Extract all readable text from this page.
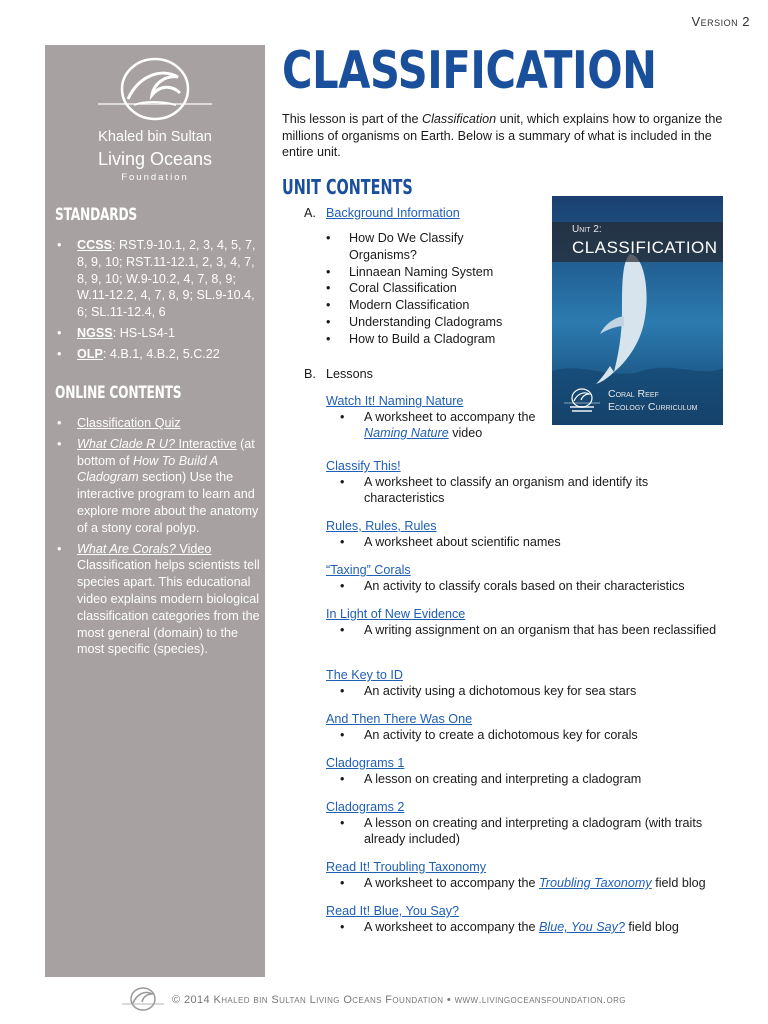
Version 2
Khaled bin Sultan
Living Oceans
Foundation
STANDARDS
• CCSS: RST.9-10.1, 2, 3, 4, 5, 7, 8, 9, 10; RST.11-12.1, 2, 3, 4, 7, 8, 9, 10; W.9-10.2, 4, 7, 8, 9; W.11-12.2, 4, 7, 8, 9; SL.9-10.4, 6; SL.11-12.4, 6
• NGSS: HS-LS4-1
• OLP: 4.B.1, 4.B.2, 5.C.22
ONLINE CONTENTS
• Classification Quiz
• What Clade R U? Interactive (at bottom of How To Build A Cladogram section) Use the interactive program to learn and explore more about the anatomy of a stony coral polyp.
• What Are Corals? Video Classification helps scientists tell species apart. This educational video explains modern biological classification categories from the most general (domain) to the most specific (species).
CLASSIFICATION
This lesson is part of the Classification unit, which explains how to organize the millions of organisms on Earth. Below is a summary of what is included in the entire unit.
UNIT CONTENTS
A. Background Information
• How Do We Classify Organisms?
• Linnaean Naming System
• Coral Classification
• Modern Classification
• Understanding Cladograms
• How to Build a Cladogram
B. Lessons
Watch It! Naming Nature
• A worksheet to accompany the Naming Nature video
Classify This!
• A worksheet to classify an organism and identify its characteristics
Rules, Rules, Rules
• A worksheet about scientific names
“Taxing” Corals
• An activity to classify corals based on their characteristics
In Light of New Evidence
• A writing assignment on an organism that has been reclassified
The Key to ID
• An activity using a dichotomous key for sea stars
And Then There Was One
• An activity to create a dichotomous key for corals
Cladograms 1
• A lesson on creating and interpreting a cladogram
Cladograms 2
• A lesson on creating and interpreting a cladogram (with traits already included)
Read It! Troubling Taxonomy
• A worksheet to accompany the Troubling Taxonomy field blog
Read It! Blue, You Say?
• A worksheet to accompany the Blue, You Say? field blog
Unit 2:
CLASSIFICATION
Coral Reef
Ecology Curriculum
© 2014 Khaled bin Sultan Living Oceans Foundation • www.livingoceansfoundation.org
